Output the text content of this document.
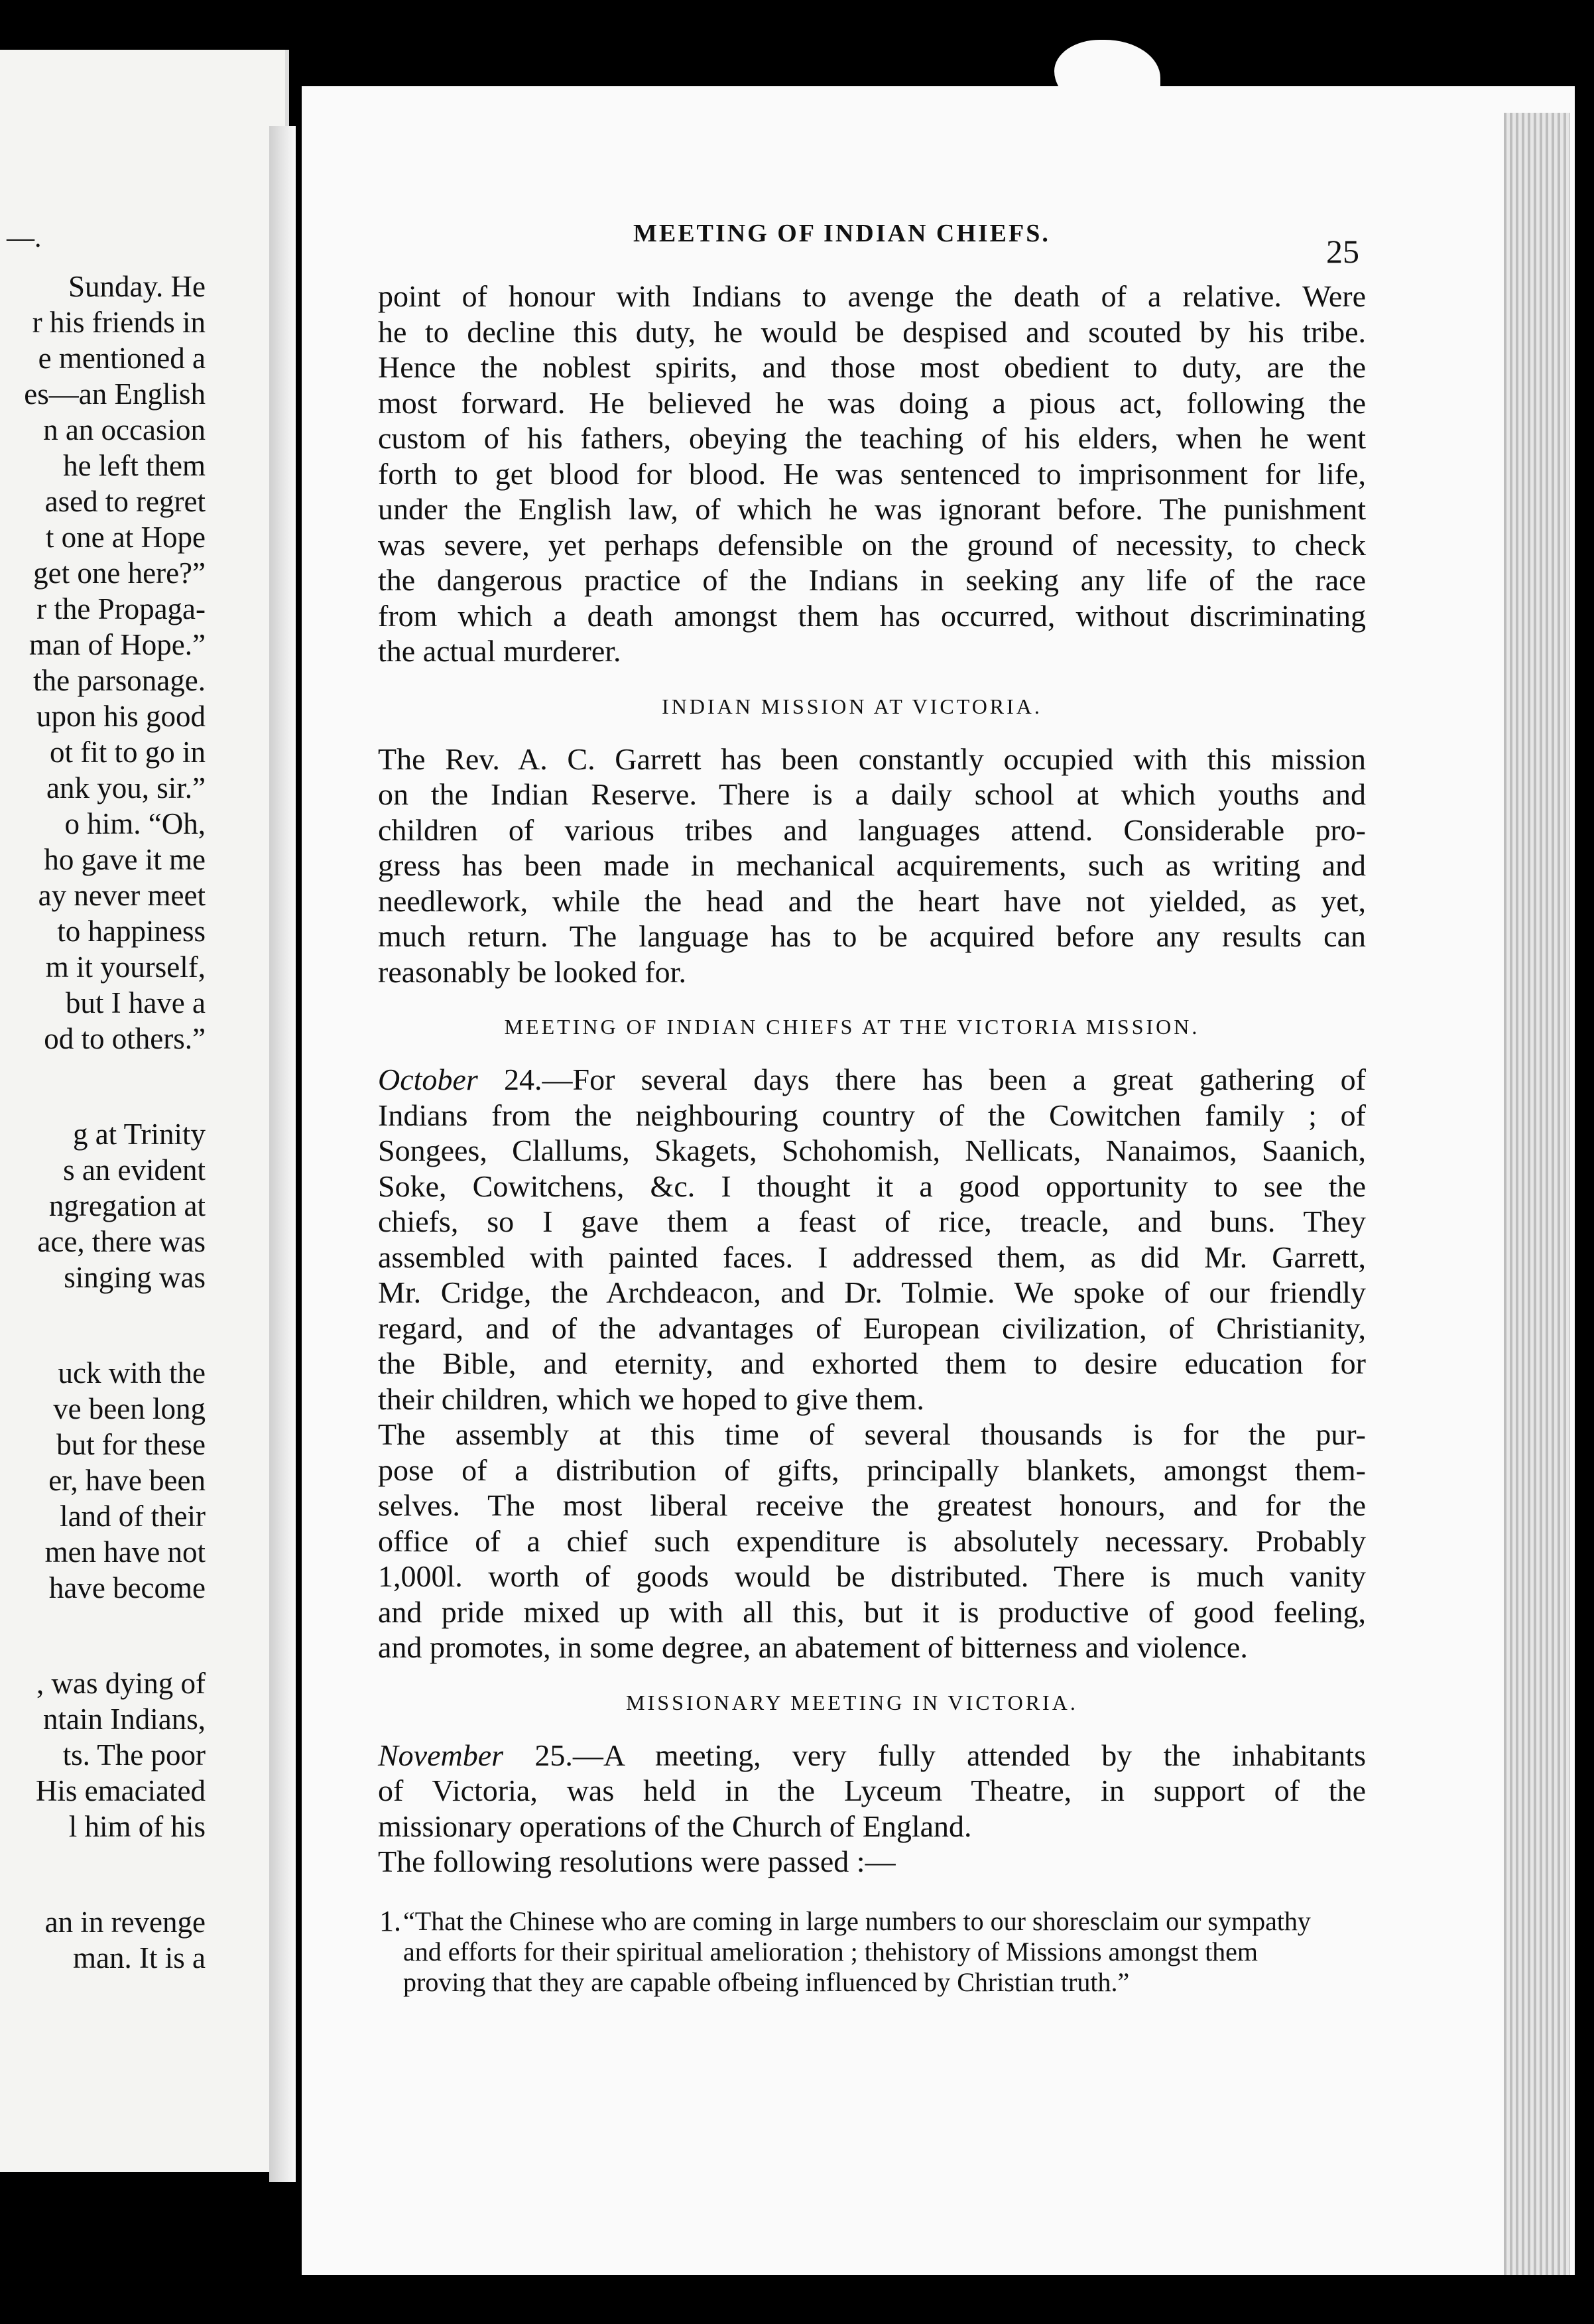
—.
Sunday. He
r his friends in
e mentioned a
es—an English
n an occasion
he left them
ased to regret
t one at Hope
get one here?”
r the Propaga-
man of Hope.”
the parsonage.
upon his good
ot fit to go in
ank you, sir.”
o him. “Oh,
ho gave it me
ay never meet
to happiness
m it yourself,
but I have a
od to others.”
g at Trinity
s an evident
ngregation at
ace, there was
singing was
uck with the
ve been long
but for these
er, have been
land of their
men have not
have become
, was dying of
ntain Indians,
ts. The poor
His emaciated
l him of his
an in revenge
man. It is a
MEETING OF INDIAN CHIEFS.	25
point of honour with Indians to avenge the death of a relative. Were
he to decline this duty, he would be despised and scouted by his tribe.
Hence the noblest spirits, and those most obedient to duty, are the
most forward. He believed he was doing a pious act, following the
custom of his fathers, obeying the teaching of his elders, when he went
forth to get blood for blood. He was sentenced to imprisonment for life,
under the English law, of which he was ignorant before. The punishment
was severe, yet perhaps defensible on the ground of necessity, to check
the dangerous practice of the Indians in seeking any life of the race
from which a death amongst them has occurred, without discriminating
the actual murderer.
INDIAN MISSION AT VICTORIA.
The Rev. A. C. Garrett has been constantly occupied with this mission
on the Indian Reserve. There is a daily school at which youths and
children of various tribes and languages attend. Considerable pro-
gress has been made in mechanical acquirements, such as writing and
needlework, while the head and the heart have not yielded, as yet,
much return. The language has to be acquired before any results can
reasonably be looked for.
MEETING OF INDIAN CHIEFS AT THE VICTORIA MISSION.
October 24.—For several days there has been a great gathering of
Indians from the neighbouring country of the Cowitchen family ; of
Songees, Clallums, Skagets, Schohomish, Nellicats, Nanaimos, Saanich,
Soke, Cowitchens, &c. I thought it a good opportunity to see the
chiefs, so I gave them a feast of rice, treacle, and buns. They
assembled with painted faces. I addressed them, as did Mr. Garrett,
Mr. Cridge, the Archdeacon, and Dr. Tolmie. We spoke of our friendly
regard, and of the advantages of European civilization, of Christianity,
the Bible, and eternity, and exhorted them to desire education for
their children, which we hoped to give them.
The assembly at this time of several thousands is for the pur-
pose of a distribution of gifts, principally blankets, amongst them-
selves. The most liberal receive the greatest honours, and for the
office of a chief such expenditure is absolutely necessary. Probably
1,000l. worth of goods would be distributed. There is much vanity
and pride mixed up with all this, but it is productive of good feeling,
and promotes, in some degree, an abatement of bitterness and violence.
MISSIONARY MEETING IN VICTORIA.
November 25.—A meeting, very fully attended by the inhabitants
of Victoria, was held in the Lyceum Theatre, in support of the
missionary operations of the Church of England.
The following resolutions were passed :—
1. “That the Chinese who are coming in large numbers to our shoresclaim our sympathy and efforts for their spiritual amelioration ; thehistory of Missions amongst them proving that they are capable ofbeing influenced by Christian truth.”
